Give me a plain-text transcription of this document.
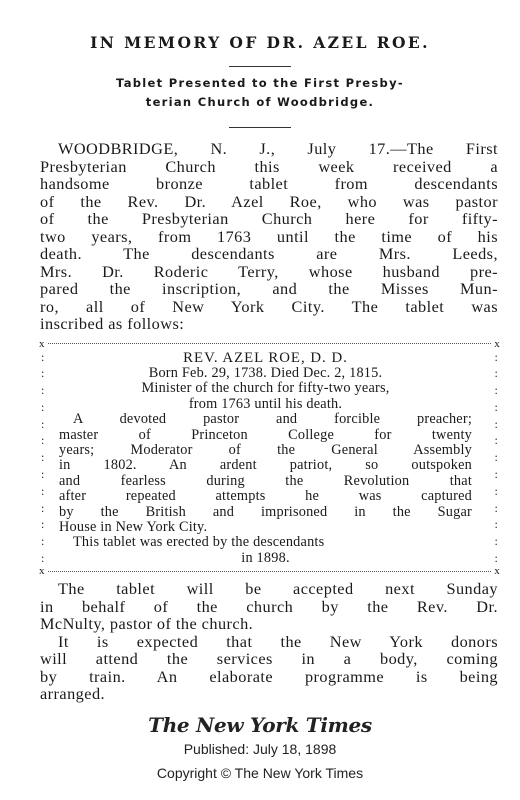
IN MEMORY OF DR. AZEL ROE.
Tablet Presented to the First Presby-
terian Church of Woodbridge.
WOODBRIDGE, N. J., July 17.—The First
Presbyterian Church this week received a
handsome bronze tablet from descendants
of the Rev. Dr. Azel Roe, who was pastor
of the Presbyterian Church here for fifty-
two years, from 1763 until the time of his
death. The descendants are Mrs. Leeds,
Mrs. Dr. Roderic Terry, whose husband pre-
pared the inscription, and the Misses Mun-
ro, all of New York City. The tablet was
inscribed as follows:
x	x
:
:
:
:
:
:
:
:
:
:
:
:
:
:
:
:
:
:
:
:
:
:
:
:
:
:
REV. AZEL ROE, D. D.
Born Feb. 29, 1738. Died Dec. 2, 1815.
Minister of the church for fifty-two years,
from 1763 until his death.
A devoted pastor and forcible preacher;
master of Princeton College for twenty
years; Moderator of the General Assembly
in 1802. An ardent patriot, so outspoken
and fearless during the Revolution that
after repeated attempts he was captured
by the British and imprisoned in the Sugar
House in New York City.
This tablet was erected by the descendants
in 1898.
x	x
The tablet will be accepted next Sunday
in behalf of the church by the Rev. Dr.
McNulty, pastor of the church.
It is expected that the New York donors
will attend the services in a body, coming
by train. An elaborate programme is being
arranged.
The New York Times
Published: July 18, 1898
Copyright © The New York Times
